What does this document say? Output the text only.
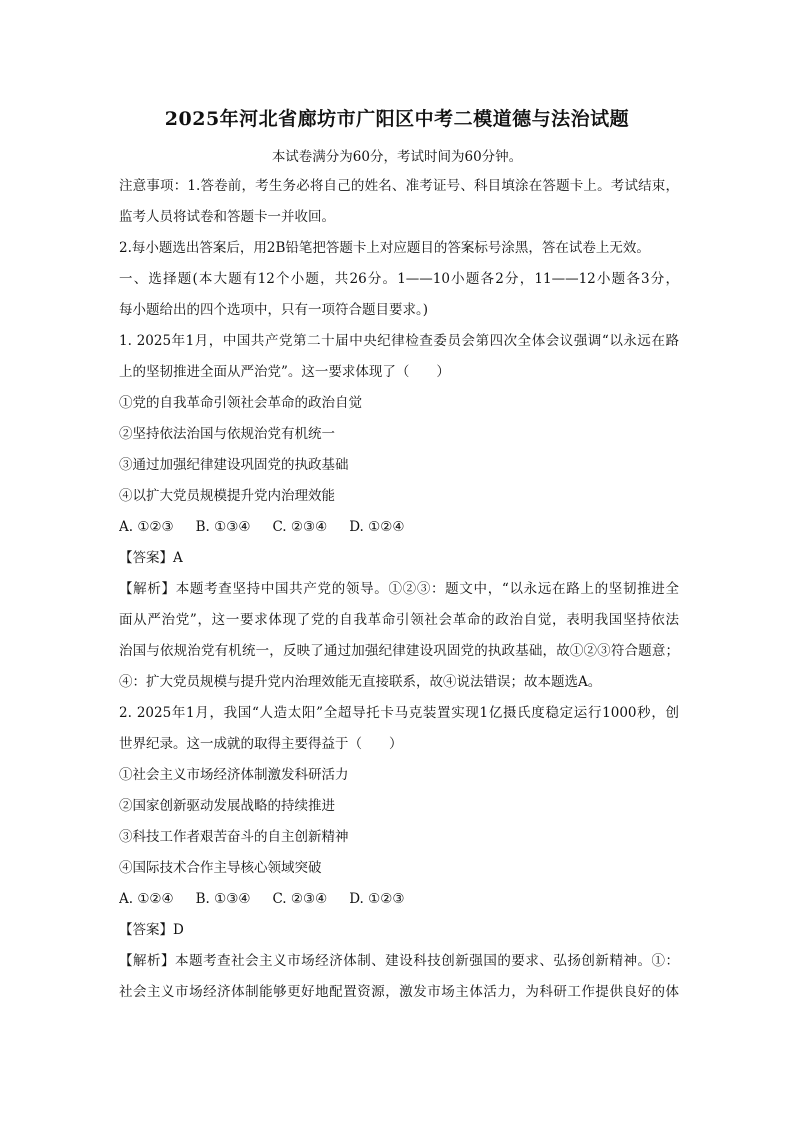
2025年河北省廊坊市广阳区中考二模道德与法治试题
本试卷满分为60分，考试时间为60分钟。
注意事项：1.答卷前，考生务必将自己的姓名、准考证号、科目填涂在答题卡上。考试结束，
监考人员将试卷和答题卡一并收回。
2.每小题选出答案后，用2B铅笔把答题卡上对应题目的答案标号涂黑，答在试卷上无效。
一、选择题(本大题有12个小题，共26分。1——10小题各2分，11——12小题各3分，
每小题给出的四个选项中，只有一项符合题目要求。)
1. 2025年1月，中国共产党第二十届中央纪律检查委员会第四次全体会议强调“以永远在路
上的坚韧推进全面从严治党”。这一要求体现了（　　）
①党的自我革命引领社会革命的政治自觉
②坚持依法治国与依规治党有机统一
③通过加强纪律建设巩固党的执政基础
④以扩大党员规模提升党内治理效能
A. ①②③ B. ①③④ C. ②③④ D. ①②④
【答案】A
【解析】本题考查坚持中国共产党的领导。①②③：题文中，“以永远在路上的坚韧推进全
面从严治党”，这一要求体现了党的自我革命引领社会革命的政治自觉，表明我国坚持依法
治国与依规治党有机统一，反映了通过加强纪律建设巩固党的执政基础，故①②③符合题意；
④：扩大党员规模与提升党内治理效能无直接联系，故④说法错误；故本题选A。
2. 2025年1月，我国“人造太阳”全超导托卡马克装置实现1亿摄氏度稳定运行1000秒，创
世界纪录。这一成就的取得主要得益于（　　）
①社会主义市场经济体制激发科研活力
②国家创新驱动发展战略的持续推进
③科技工作者艰苦奋斗的自主创新精神
④国际技术合作主导核心领域突破
A. ①②④ B. ①③④ C. ②③④ D. ①②③
【答案】D
【解析】本题考查社会主义市场经济体制、建设科技创新强国的要求、弘扬创新精神。①：
社会主义市场经济体制能够更好地配置资源，激发市场主体活力，为科研工作提供良好的体
